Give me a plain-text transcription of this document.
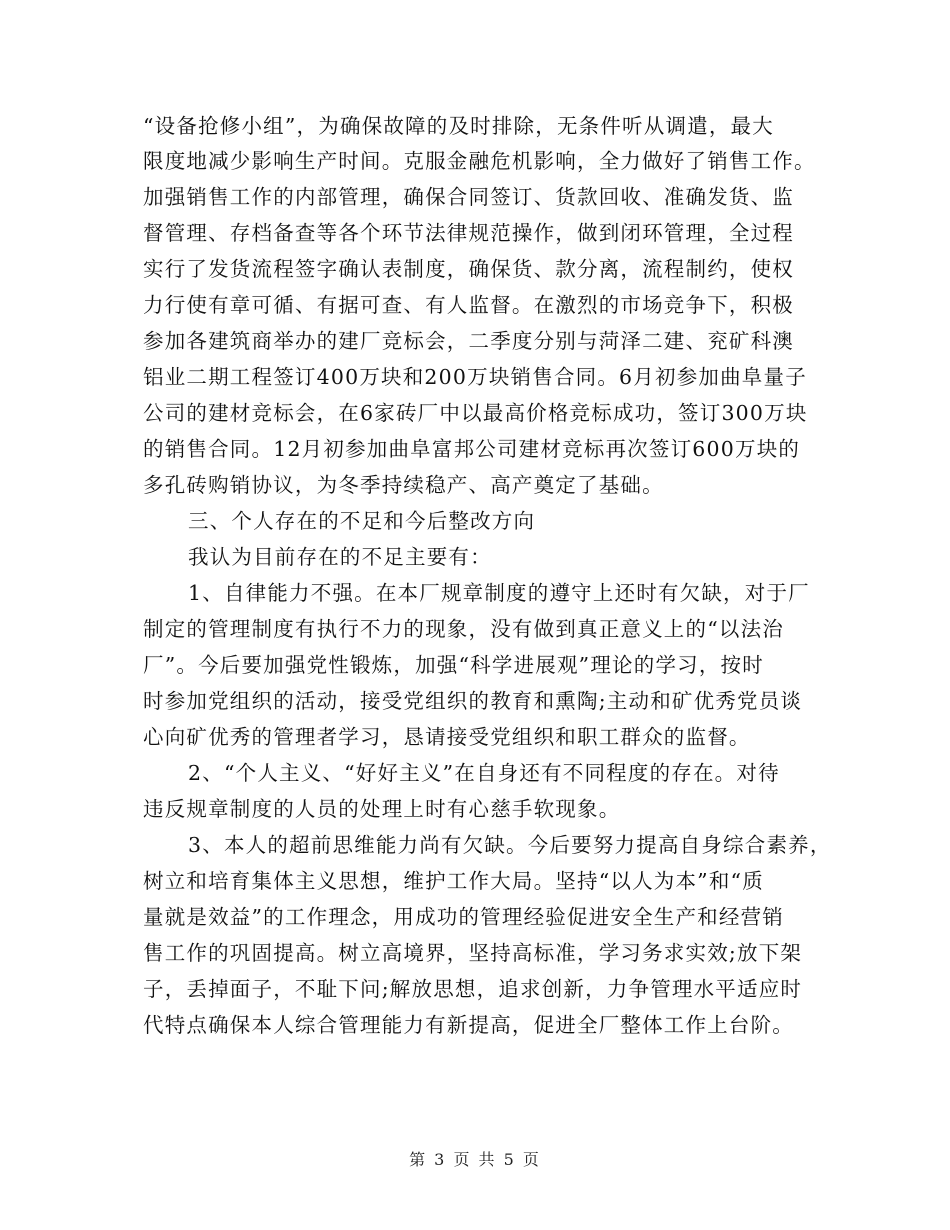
“设备抢修小组”，为确保故障的及时排除，无条件听从调遣，最大
限度地减少影响生产时间。克服金融危机影响，全力做好了销售工作。
加强销售工作的内部管理，确保合同签订、货款回收、准确发货、监
督管理、存档备查等各个环节法律规范操作，做到闭环管理，全过程
实行了发货流程签字确认表制度，确保货、款分离，流程制约，使权
力行使有章可循、有据可查、有人监督。在激烈的市场竞争下，积极
参加各建筑商举办的建厂竞标会，二季度分别与菏泽二建、兖矿科澳
铝业二期工程签订400万块和200万块销售合同。6月初参加曲阜量子
公司的建材竞标会，在6家砖厂中以最高价格竞标成功，签订300万块
的销售合同。12月初参加曲阜富邦公司建材竞标再次签订600万块的
多孔砖购销协议，为冬季持续稳产、高产奠定了基础。
三、个人存在的不足和今后整改方向
我认为目前存在的不足主要有：
1、自律能力不强。在本厂规章制度的遵守上还时有欠缺，对于厂
制定的管理制度有执行不力的现象，没有做到真正意义上的“以法治
厂”。今后要加强党性锻炼，加强“科学进展观”理论的学习，按时
时参加党组织的活动，接受党组织的教育和熏陶;主动和矿优秀党员谈
心向矿优秀的管理者学习，恳请接受党组织和职工群众的监督。
2、“个人主义、“好好主义”在自身还有不同程度的存在。对待
违反规章制度的人员的处理上时有心慈手软现象。
3、本人的超前思维能力尚有欠缺。今后要努力提高自身综合素养，
树立和培育集体主义思想，维护工作大局。坚持“以人为本”和“质
量就是效益”的工作理念，用成功的管理经验促进安全生产和经营销
售工作的巩固提高。树立高境界，坚持高标准，学习务求实效;放下架
子，丢掉面子，不耻下问;解放思想，追求创新，力争管理水平适应时
代特点确保本人综合管理能力有新提高，促进全厂整体工作上台阶。
第 3 页 共 5 页
